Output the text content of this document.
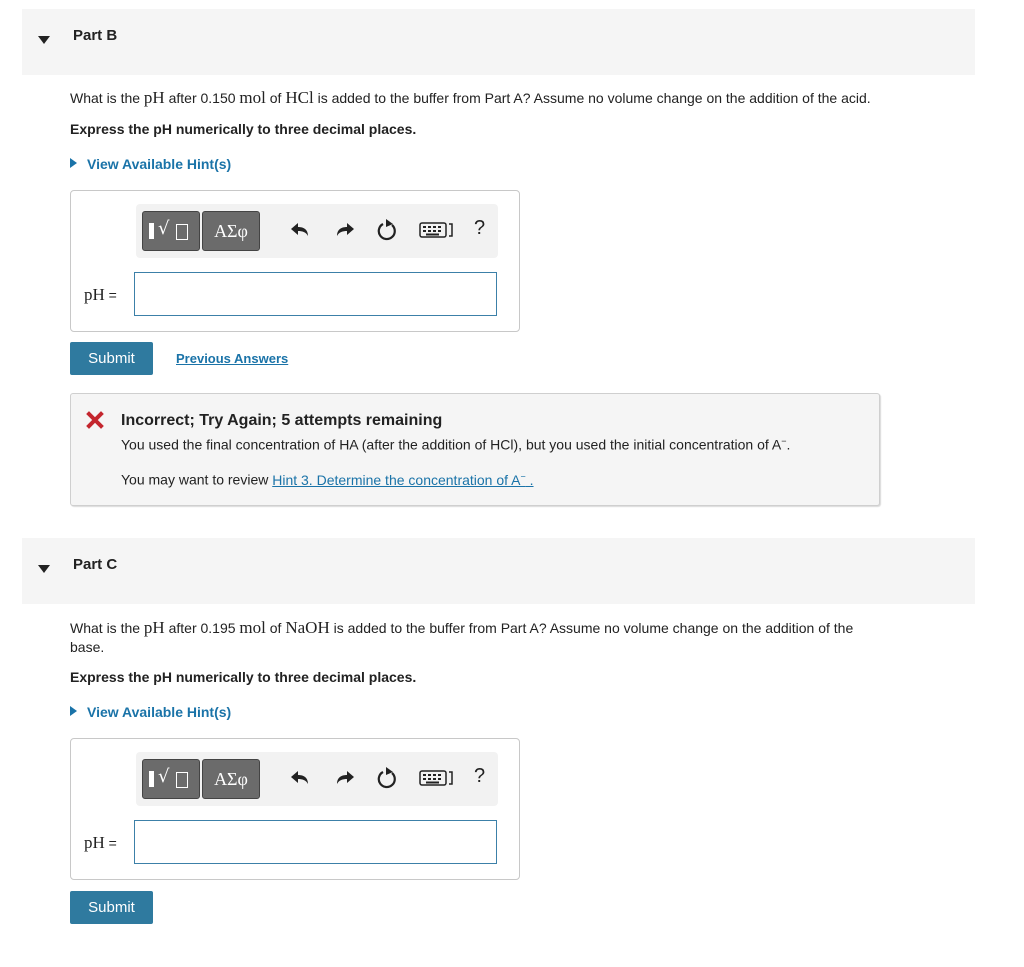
Part B
What is the pH after 0.150 mol of HCl is added to the buffer from Part A? Assume no volume change on the addition of the acid.
Express the pH numerically to three decimal places.
View Available Hint(s)
√	ΑΣφ	?
pH =
Submit	Previous Answers
Incorrect; Try Again; 5 attempts remaining
You used the final concentration of HA (after the addition of HCl), but you used the initial concentration of A−.
You may want to review Hint 3. Determine the concentration of A− .
Part C
What is the pH after 0.195 mol of NaOH is added to the buffer from Part A? Assume no volume change on the addition of the
base.
Express the pH numerically to three decimal places.
View Available Hint(s)
√	ΑΣφ	?
pH =
Submit
